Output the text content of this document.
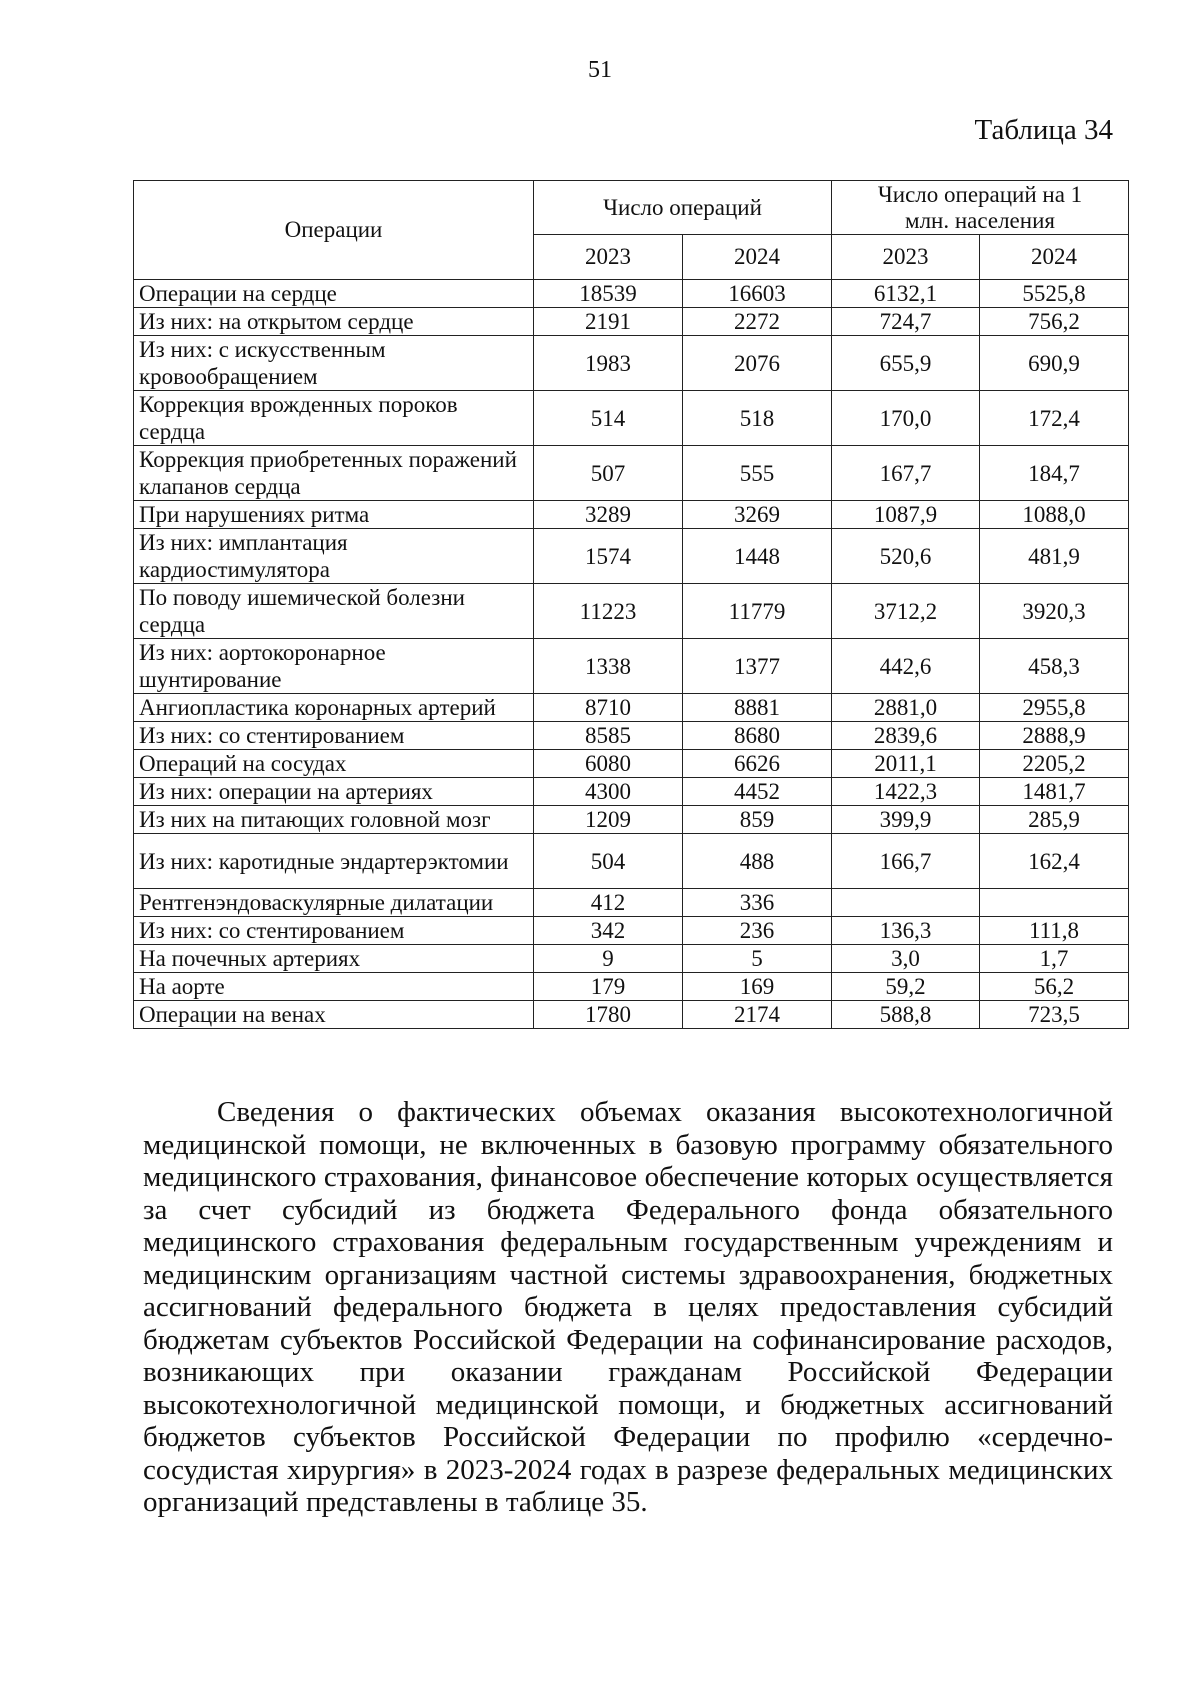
51
Таблица 34
Операции	Число операций		Число операций на 1 млн. населения	
	2023	2024	2023	2024
Операции на сердце	18539	16603	6132,1	5525,8
Из них: на открытом сердце	2191	2272	724,7	756,2
Из них: с искусственным кровообращением	1983	2076	655,9	690,9
Коррекция врожденных пороков сердца	514	518	170,0	172,4
Коррекция приобретенных поражений клапанов сердца	507	555	167,7	184,7
При нарушениях ритма	3289	3269	1087,9	1088,0
Из них: имплантация кардиостимулятора	1574	1448	520,6	481,9
По поводу ишемической болезни сердца	11223	11779	3712,2	3920,3
Из них: аортокоронарное шунтирование	1338	1377	442,6	458,3
Ангиопластика коронарных артерий	8710	8881	2881,0	2955,8
Из них: со стентированием	8585	8680	2839,6	2888,9
Операций на сосудах	6080	6626	2011,1	2205,2
Из них: операции на артериях	4300	4452	1422,3	1481,7
Из них на питающих головной мозг	1209	859	399,9	285,9
Из них: каротидные эндартерэктомии	504	488	166,7	162,4
Рентгенэндоваскулярные дилатации	412	336		
Из них: со стентированием	342	236	136,3	111,8
На почечных артериях	9	5	3,0	1,7
На аорте	179	169	59,2	56,2
Операции на венах	1780	2174	588,8	723,5

Сведения о фактических объемах оказания высокотехнологичной медицинской помощи, не включенных в базовую программу обязательного медицинского страхования, финансовое обеспечение которых осуществляется за счет субсидий из бюджета Федерального фонда обязательного медицинского страхования федеральным государственным учреждениям и медицинским организациям частной системы здравоохранения, бюджетных ассигнований федерального бюджета в целях предоставления субсидий бюджетам субъектов Российской Федерации на софинансирование расходов, возникающих при оказании гражданам Российской Федерации высокотехнологичной медицинской помощи, и бюджетных ассигнований бюджетов субъектов Российской Федерации по профилю «сердечно-сосудистая хирургия» в 2023-2024 годах в разрезе федеральных медицинских организаций представлены в таблице 35.
